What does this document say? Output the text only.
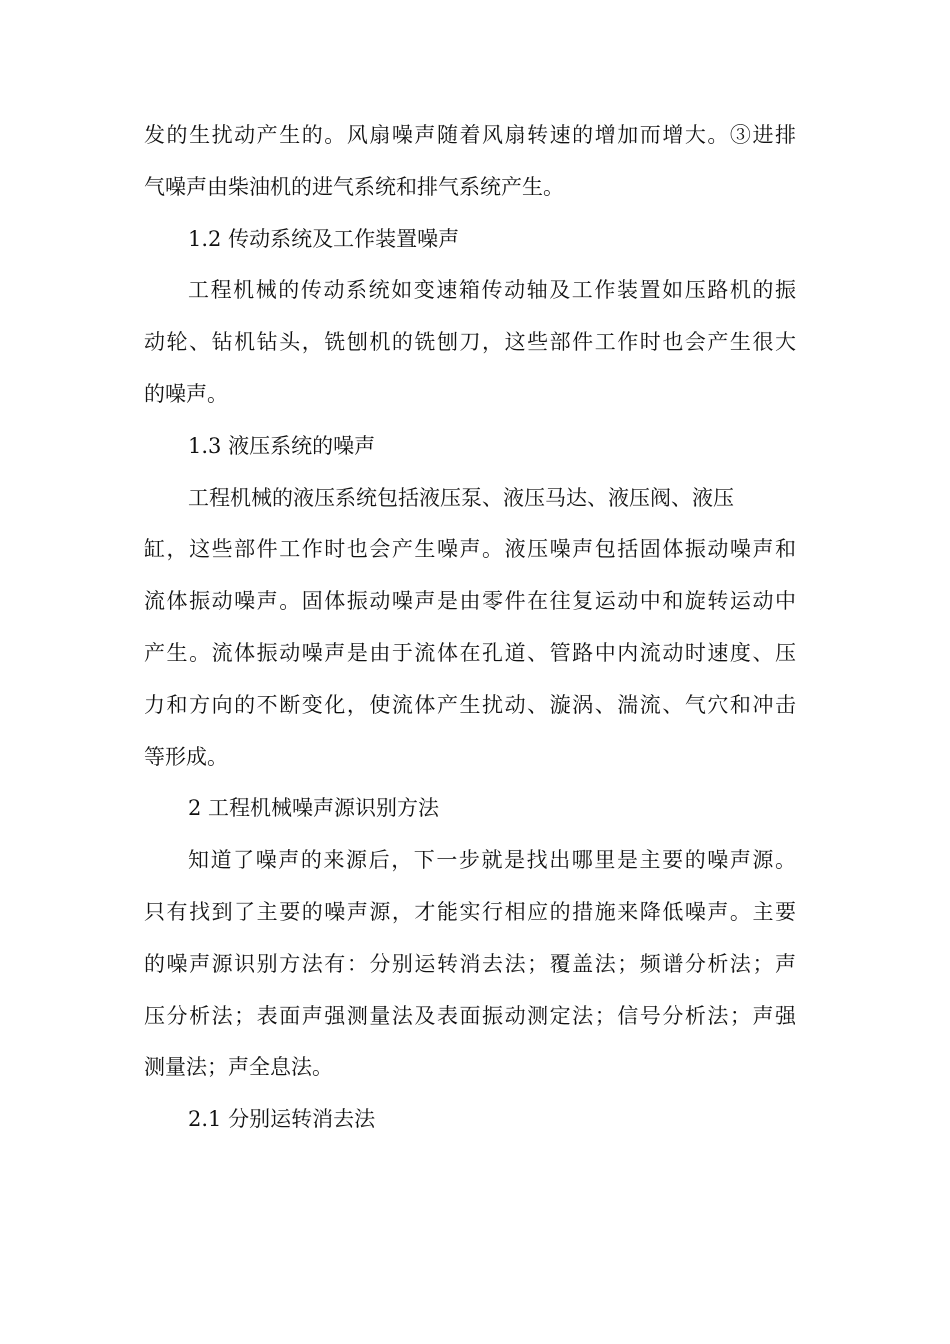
发的生扰动产生的。风扇噪声随着风扇转速的增加而增大。③进排
气噪声由柴油机的进气系统和排气系统产生。
1.2 传动系统及工作装置噪声
工程机械的传动系统如变速箱传动轴及工作装置如压路机的振
动轮、钻机钻头，铣刨机的铣刨刀，这些部件工作时也会产生很大
的噪声。
1.3 液压系统的噪声
工程机械的液压系统包括液压泵、液压马达、液压阀、液压
缸，这些部件工作时也会产生噪声。液压噪声包括固体振动噪声和
流体振动噪声。固体振动噪声是由零件在往复运动中和旋转运动中
产生。流体振动噪声是由于流体在孔道、管路中内流动时速度、压
力和方向的不断变化，使流体产生扰动、漩涡、湍流、气穴和冲击
等形成。
2 工程机械噪声源识别方法
知道了噪声的来源后，下一步就是找出哪里是主要的噪声源。
只有找到了主要的噪声源，才能实行相应的措施来降低噪声。主要
的噪声源识别方法有：分别运转消去法；覆盖法；频谱分析法；声
压分析法；表面声强测量法及表面振动测定法；信号分析法；声强
测量法；声全息法。
2.1 分别运转消去法
